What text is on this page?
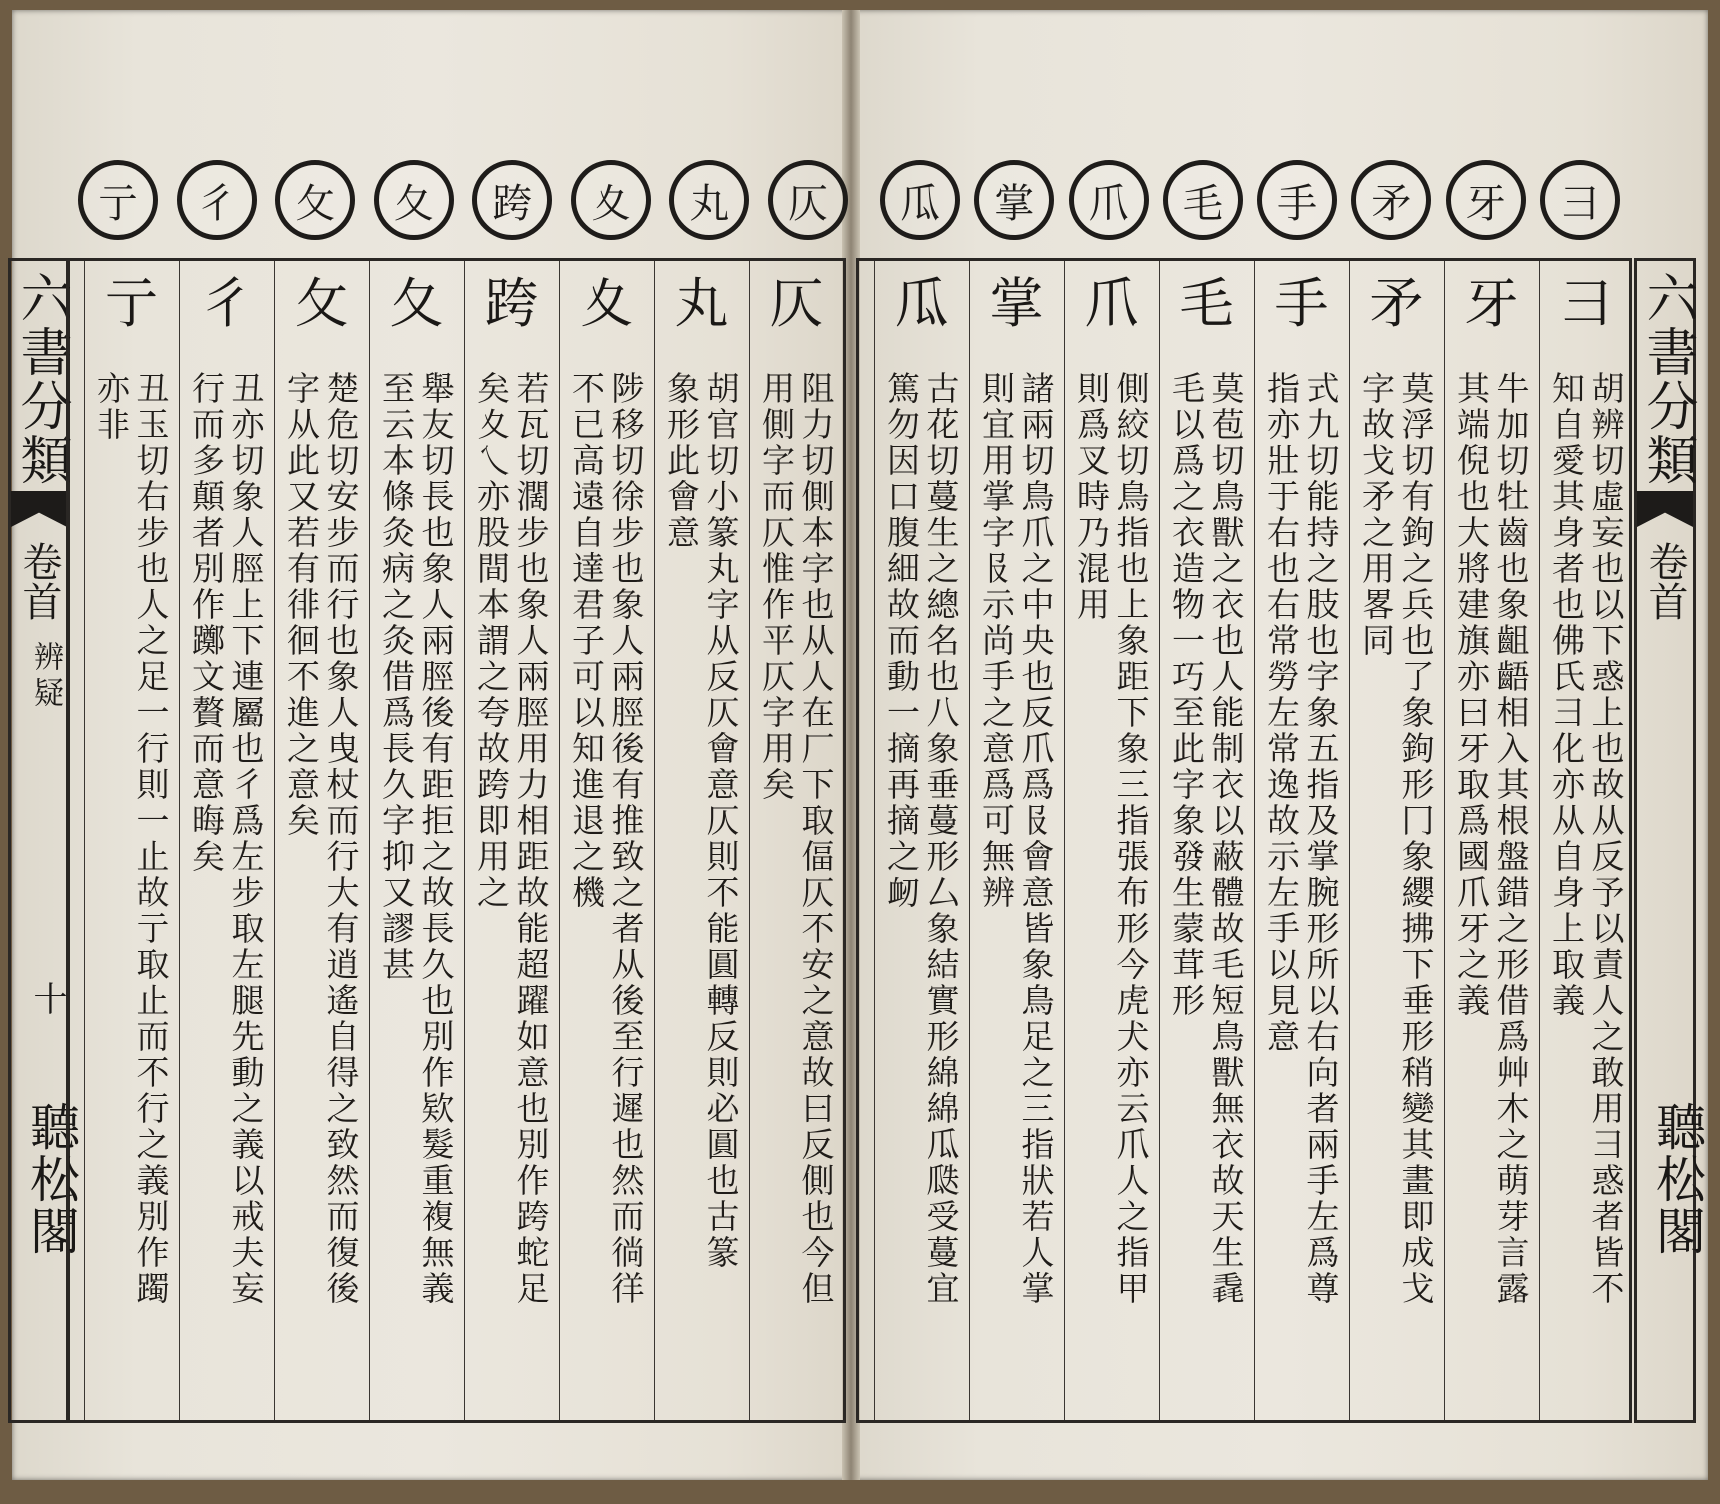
仄
丸
夊
跨
夂
攵
彳
亍
六書分類
卷首
辨疑
十
聽松閣
仄
阻力切側本字也从人在厂下取偪仄不安之意故曰反側也今但
用側字而仄惟作平仄字用矣
丸
胡官切小篆丸字从反仄會意仄則不能圓轉反則必圓也古篆
象形此會意
夊
陟移切徐步也象人兩脛後有推致之者从後至行遲也然而徜徉
不已高遠自達君子可以知進退之機
跨
若瓦切濶步也象人兩脛用力相距故能超躍如意也別作跨蛇足
矣夊乀亦股間本謂之夸故跨即用之
夂
舉友切長也象人兩脛後有距拒之故長久也別作欵髮重複無義
至云本條灸病之灸借爲長久字抑又謬甚
攵
楚危切安步而行也象人曳杖而行大有逍遙自得之致然而復後
字从此又若有徘徊不進之意矣
彳
丑亦切象人脛上下連屬也彳爲左步取左腿先動之義以戒夫妄
行而多顛者別作躑文贅而意晦矣
亍
丑玉切右步也人之足一行則一止故亍取止而不行之義別作躅
亦非
彐
牙
矛
手
毛
爪
掌
瓜
六書分類
卷首
聽松閣
彐
胡辨切虛妄也以下惑上也故从反予以責人之敢用彐惑者皆不
知自愛其身者也佛氏彐化亦从自身上取義
牙
牛加切牡齒也象齟齬相入其根盤錯之形借爲艸木之萌芽言露
其端倪也大將建旗亦曰牙取爲國爪牙之義
矛
莫浮切有鉤之兵也了象鉤形冂象纓拂下垂形稍變其畫即成戈
字故戈矛之用畧同
手
式九切能持之肢也字象五指及掌腕形所以右向者兩手左爲尊
指亦壯于右也右常勞左常逸故示左手以見意
毛
莫苞切鳥獸之衣也人能制衣以蔽體故毛短鳥獸無衣故天生毳
毛以爲之衣造物一巧至此字象發生蒙茸形
爪
側絞切鳥指也上象距下象三指張布形今虎犬亦云爪人之指甲
則爲叉時乃混用
掌
諸兩切鳥爪之中央也反爪爲𠬝會意皆象鳥足之三指狀若人掌
則宜用掌字𠬝示尚手之意爲可無辨
瓜
古花切蔓生之總名也八象垂蔓形厶象結實形綿綿瓜瓞受蔓宜
篤勿因口腹細故而動一摘再摘之衂
